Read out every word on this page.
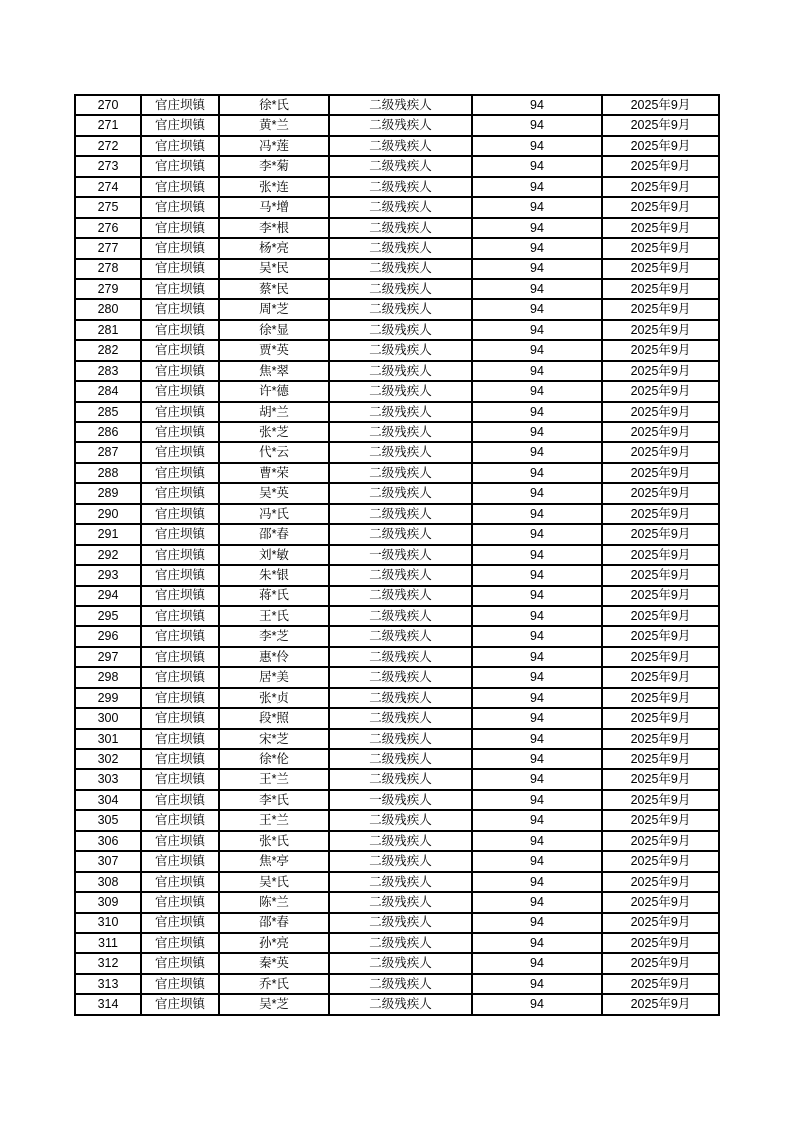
270	官庄坝镇	徐*氏	二级残疾人	94	2025年9月
271	官庄坝镇	黄*兰	二级残疾人	94	2025年9月
272	官庄坝镇	冯*莲	二级残疾人	94	2025年9月
273	官庄坝镇	李*菊	二级残疾人	94	2025年9月
274	官庄坝镇	张*连	二级残疾人	94	2025年9月
275	官庄坝镇	马*增	二级残疾人	94	2025年9月
276	官庄坝镇	李*根	二级残疾人	94	2025年9月
277	官庄坝镇	杨*亮	二级残疾人	94	2025年9月
278	官庄坝镇	吴*民	二级残疾人	94	2025年9月
279	官庄坝镇	蔡*民	二级残疾人	94	2025年9月
280	官庄坝镇	周*芝	二级残疾人	94	2025年9月
281	官庄坝镇	徐*显	二级残疾人	94	2025年9月
282	官庄坝镇	贾*英	二级残疾人	94	2025年9月
283	官庄坝镇	焦*翠	二级残疾人	94	2025年9月
284	官庄坝镇	许*德	二级残疾人	94	2025年9月
285	官庄坝镇	胡*兰	二级残疾人	94	2025年9月
286	官庄坝镇	张*芝	二级残疾人	94	2025年9月
287	官庄坝镇	代*云	二级残疾人	94	2025年9月
288	官庄坝镇	曹*荣	二级残疾人	94	2025年9月
289	官庄坝镇	吴*英	二级残疾人	94	2025年9月
290	官庄坝镇	冯*氏	二级残疾人	94	2025年9月
291	官庄坝镇	邵*春	二级残疾人	94	2025年9月
292	官庄坝镇	刘*敏	一级残疾人	94	2025年9月
293	官庄坝镇	朱*银	二级残疾人	94	2025年9月
294	官庄坝镇	蒋*氏	二级残疾人	94	2025年9月
295	官庄坝镇	王*氏	二级残疾人	94	2025年9月
296	官庄坝镇	李*芝	二级残疾人	94	2025年9月
297	官庄坝镇	惠*伶	二级残疾人	94	2025年9月
298	官庄坝镇	居*美	二级残疾人	94	2025年9月
299	官庄坝镇	张*贞	二级残疾人	94	2025年9月
300	官庄坝镇	段*照	二级残疾人	94	2025年9月
301	官庄坝镇	宋*芝	二级残疾人	94	2025年9月
302	官庄坝镇	徐*伦	二级残疾人	94	2025年9月
303	官庄坝镇	王*兰	二级残疾人	94	2025年9月
304	官庄坝镇	李*氏	一级残疾人	94	2025年9月
305	官庄坝镇	王*兰	二级残疾人	94	2025年9月
306	官庄坝镇	张*氏	二级残疾人	94	2025年9月
307	官庄坝镇	焦*亭	二级残疾人	94	2025年9月
308	官庄坝镇	吴*氏	二级残疾人	94	2025年9月
309	官庄坝镇	陈*兰	二级残疾人	94	2025年9月
310	官庄坝镇	邵*春	二级残疾人	94	2025年9月
311	官庄坝镇	孙*亮	二级残疾人	94	2025年9月
312	官庄坝镇	秦*英	二级残疾人	94	2025年9月
313	官庄坝镇	乔*氏	二级残疾人	94	2025年9月
314	官庄坝镇	吴*芝	二级残疾人	94	2025年9月
